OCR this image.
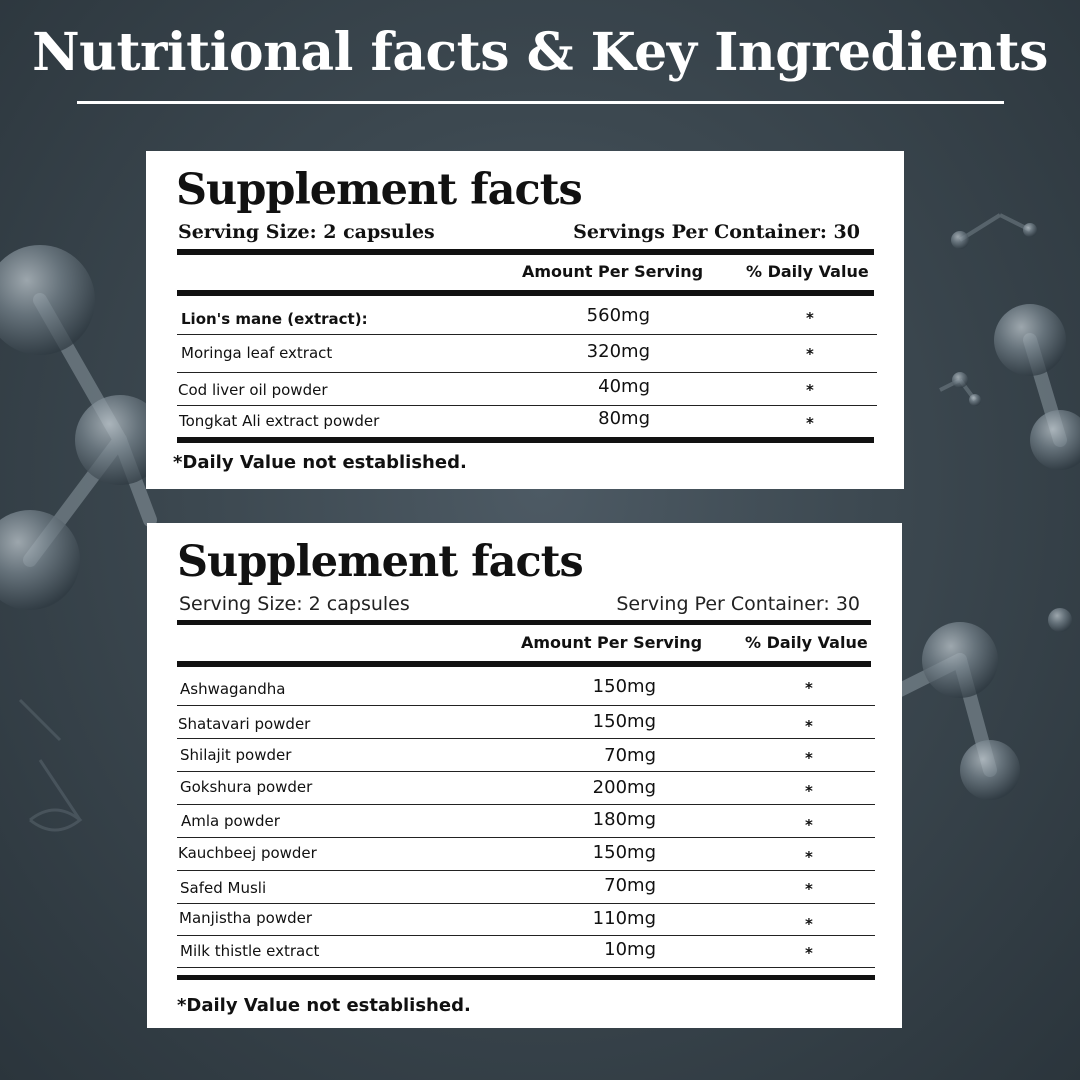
Nutritional facts & Key Ingredients
Supplement facts
Serving Size: 2 capsules	Servings Per Container: 30
Amount Per Serving	% Daily Value
Lion's mane (extract):	560mg	*
Moringa leaf extract	320mg	*
Cod liver oil powder	40mg	*
Tongkat Ali extract powder	80mg	*
*Daily Value not established.
Supplement facts
Serving Size: 2 capsules	Serving Per Container: 30
Amount Per Serving	% Daily Value
Ashwagandha	150mg	*
Shatavari powder	150mg	*
Shilajit powder	70mg	*
Gokshura powder	200mg	*
Amla powder	180mg	*
Kauchbeej powder	150mg	*
Safed Musli	70mg	*
Manjistha powder	110mg	*
Milk thistle extract	10mg	*
*Daily Value not established.
